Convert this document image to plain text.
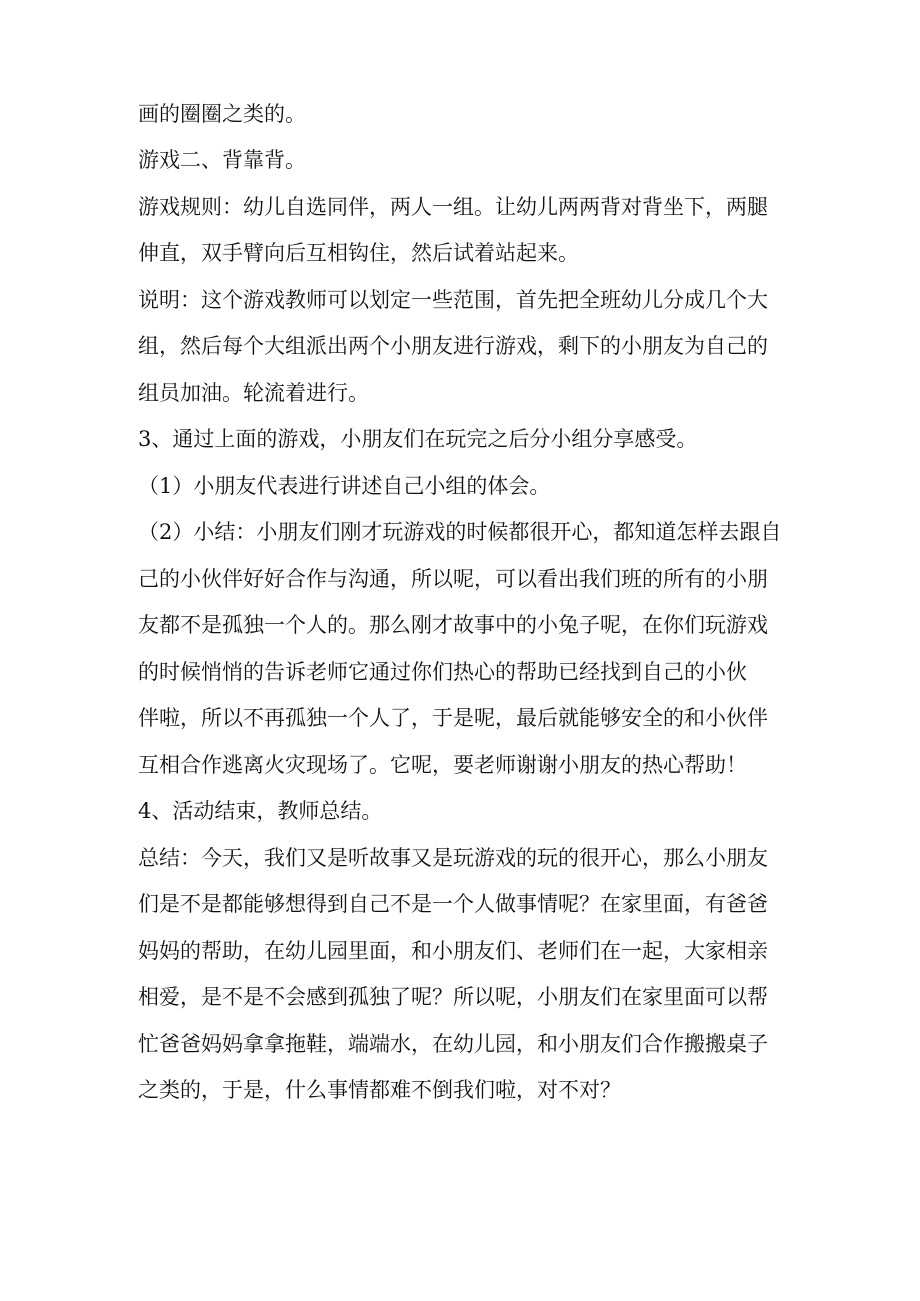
画的圈圈之类的。
游戏二、背靠背。
游戏规则：幼儿自选同伴，两人一组。让幼儿两两背对背坐下，两腿
伸直，双手臂向后互相钩住，然后试着站起来。
说明：这个游戏教师可以划定一些范围，首先把全班幼儿分成几个大
组，然后每个大组派出两个小朋友进行游戏，剩下的小朋友为自己的
组员加油。轮流着进行。
3、通过上面的游戏，小朋友们在玩完之后分小组分享感受。
（1）小朋友代表进行讲述自己小组的体会。
（2）小结：小朋友们刚才玩游戏的时候都很开心，都知道怎样去跟自
己的小伙伴好好合作与沟通，所以呢，可以看出我们班的所有的小朋
友都不是孤独一个人的。那么刚才故事中的小兔子呢，在你们玩游戏
的时候悄悄的告诉老师它通过你们热心的帮助已经找到自己的小伙
伴啦，所以不再孤独一个人了，于是呢，最后就能够安全的和小伙伴
互相合作逃离火灾现场了。它呢，要老师谢谢小朋友的热心帮助！
4、活动结束，教师总结。
总结：今天，我们又是听故事又是玩游戏的玩的很开心，那么小朋友
们是不是都能够想得到自己不是一个人做事情呢？在家里面，有爸爸
妈妈的帮助，在幼儿园里面，和小朋友们、老师们在一起，大家相亲
相爱，是不是不会感到孤独了呢？所以呢，小朋友们在家里面可以帮
忙爸爸妈妈拿拿拖鞋，端端水，在幼儿园，和小朋友们合作搬搬桌子
之类的，于是，什么事情都难不倒我们啦，对不对？
